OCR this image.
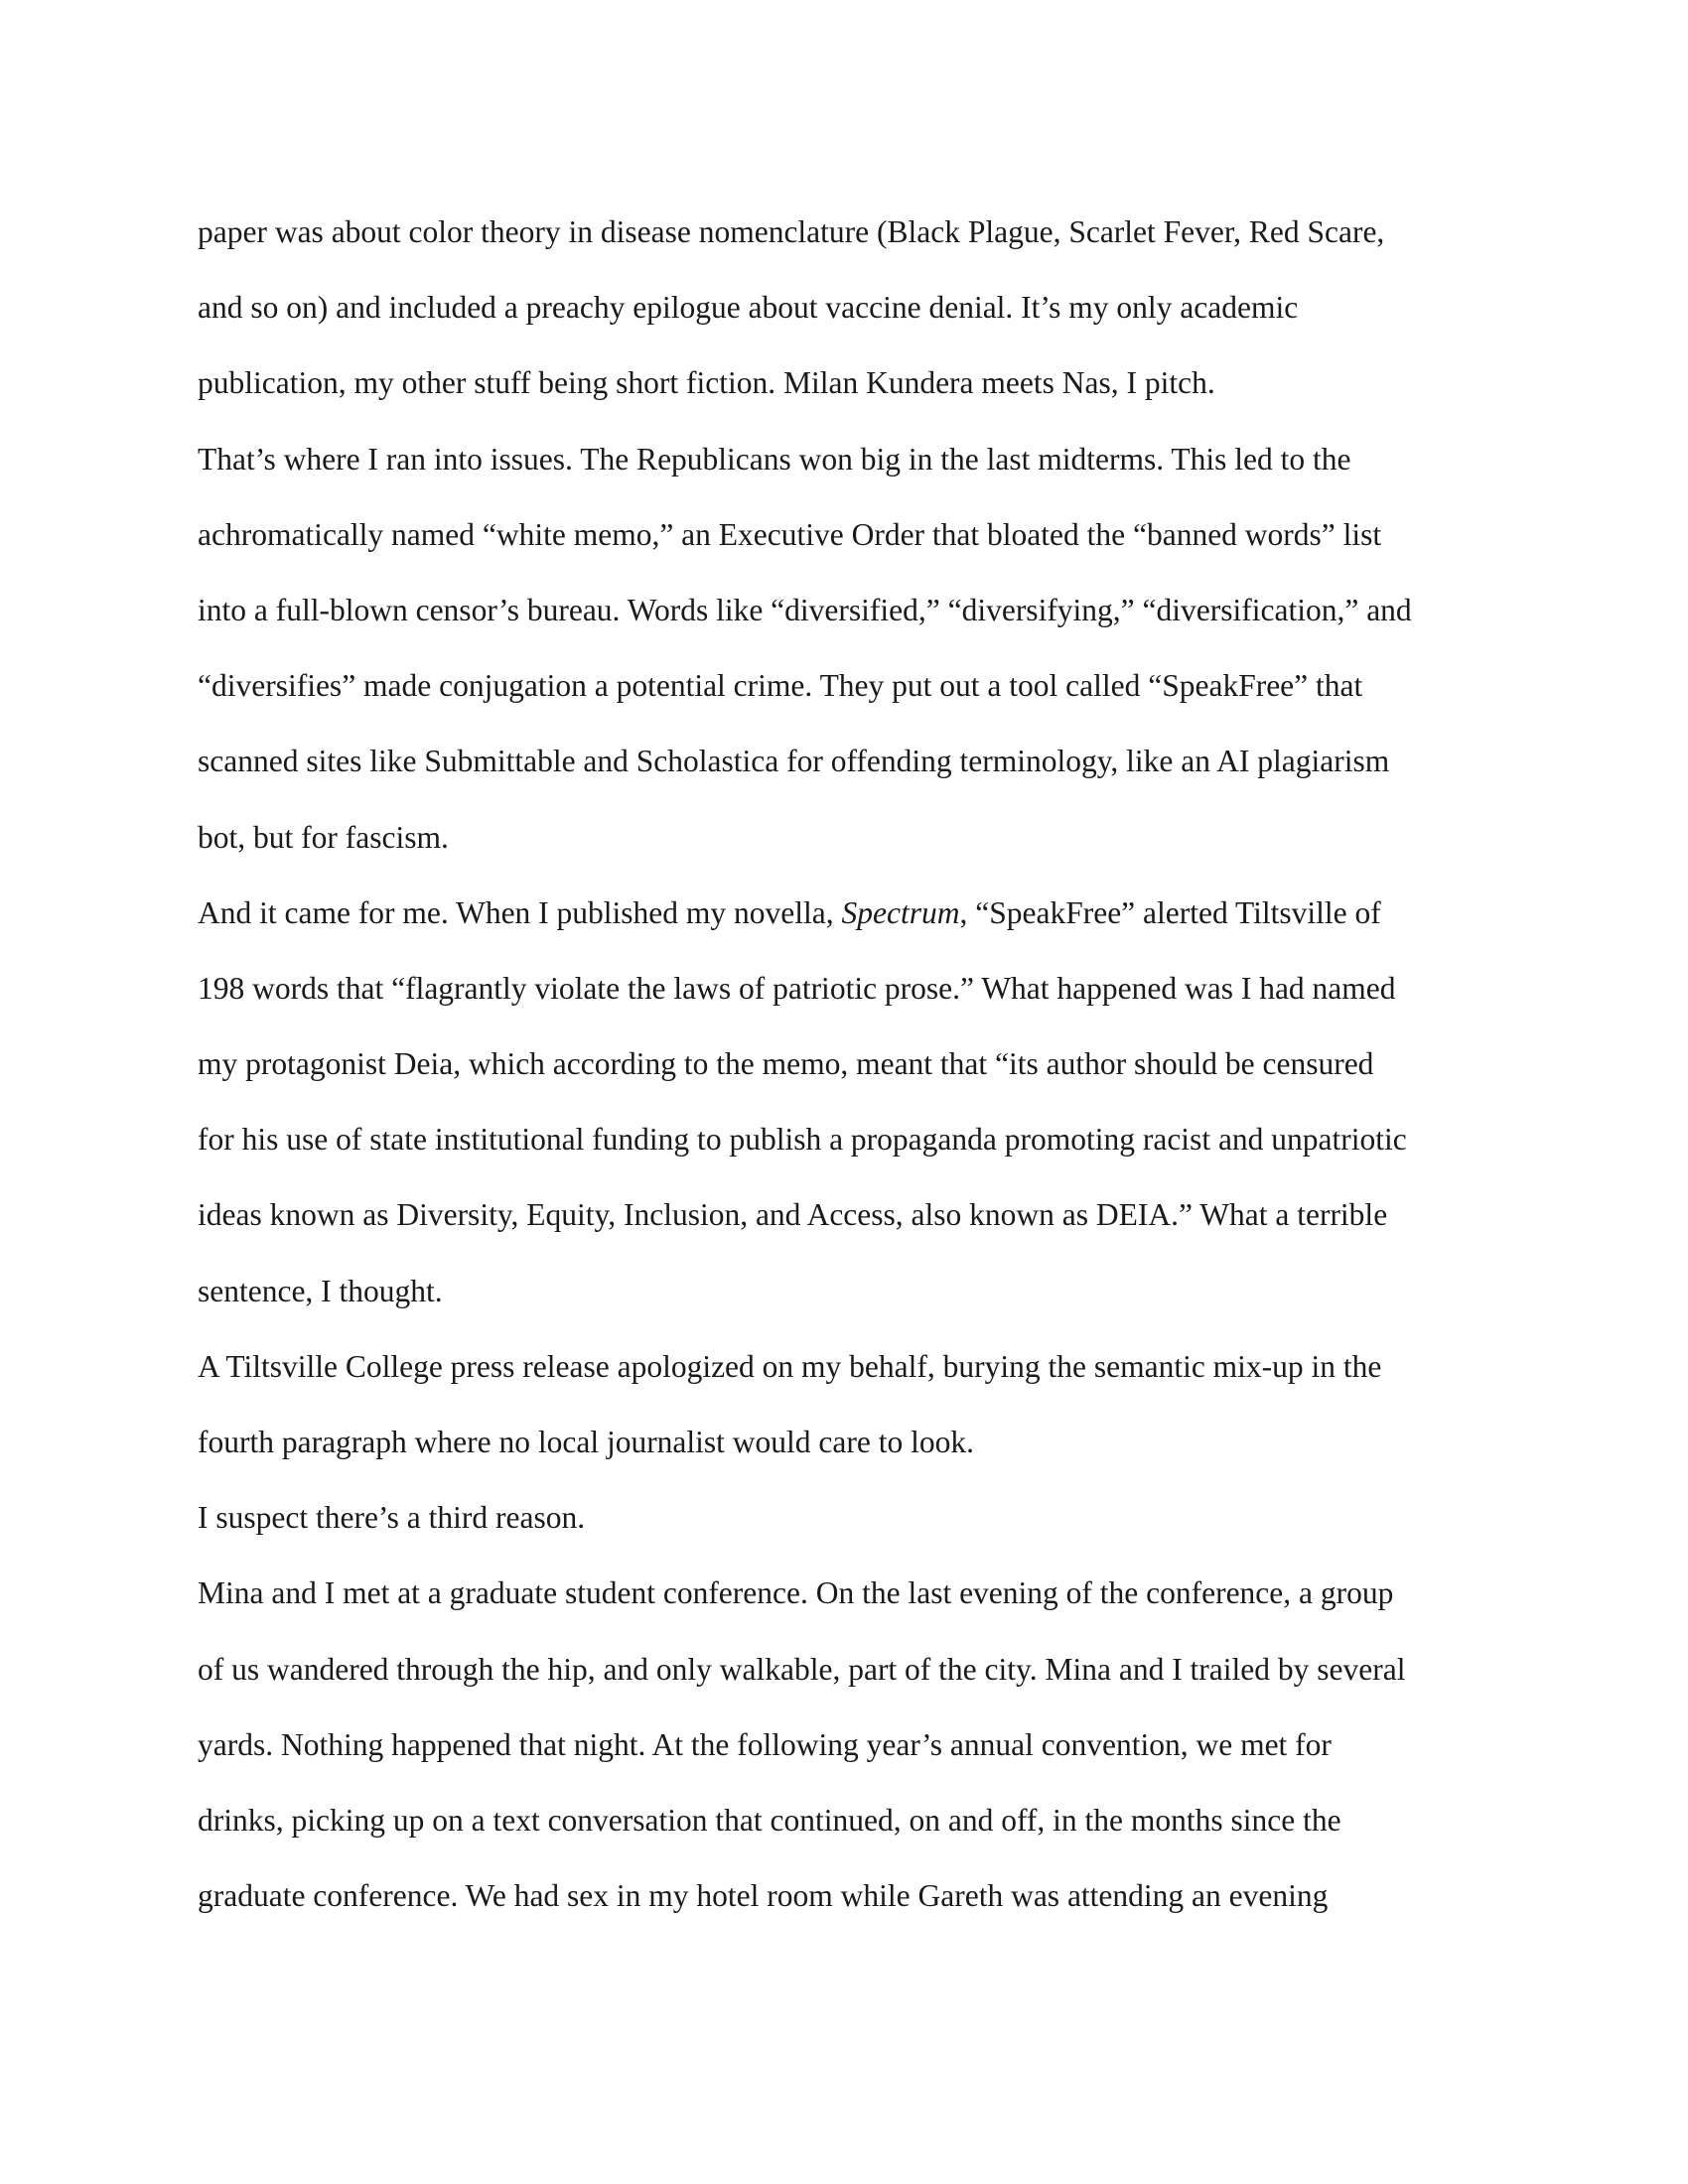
paper was about color theory in disease nomenclature (Black Plague, Scarlet Fever, Red Scare,
and so on) and included a preachy epilogue about vaccine denial. It’s my only academic
publication, my other stuff being short fiction. Milan Kundera meets Nas, I pitch.
That’s where I ran into issues. The Republicans won big in the last midterms. This led to the
achromatically named “white memo,” an Executive Order that bloated the “banned words” list
into a full-blown censor’s bureau. Words like “diversified,” “diversifying,” “diversification,” and
“diversifies” made conjugation a potential crime. They put out a tool called “SpeakFree” that
scanned sites like Submittable and Scholastica for offending terminology, like an AI plagiarism
bot, but for fascism.
And it came for me. When I published my novella, Spectrum, “SpeakFree” alerted Tiltsville of
198 words that “flagrantly violate the laws of patriotic prose.” What happened was I had named
my protagonist Deia, which according to the memo, meant that “its author should be censured
for his use of state institutional funding to publish a propaganda promoting racist and unpatriotic
ideas known as Diversity, Equity, Inclusion, and Access, also known as DEIA.” What a terrible
sentence, I thought.
A Tiltsville College press release apologized on my behalf, burying the semantic mix-up in the
fourth paragraph where no local journalist would care to look.
I suspect there’s a third reason.
Mina and I met at a graduate student conference. On the last evening of the conference, a group
of us wandered through the hip, and only walkable, part of the city. Mina and I trailed by several
yards. Nothing happened that night. At the following year’s annual convention, we met for
drinks, picking up on a text conversation that continued, on and off, in the months since the
graduate conference. We had sex in my hotel room while Gareth was attending an evening
